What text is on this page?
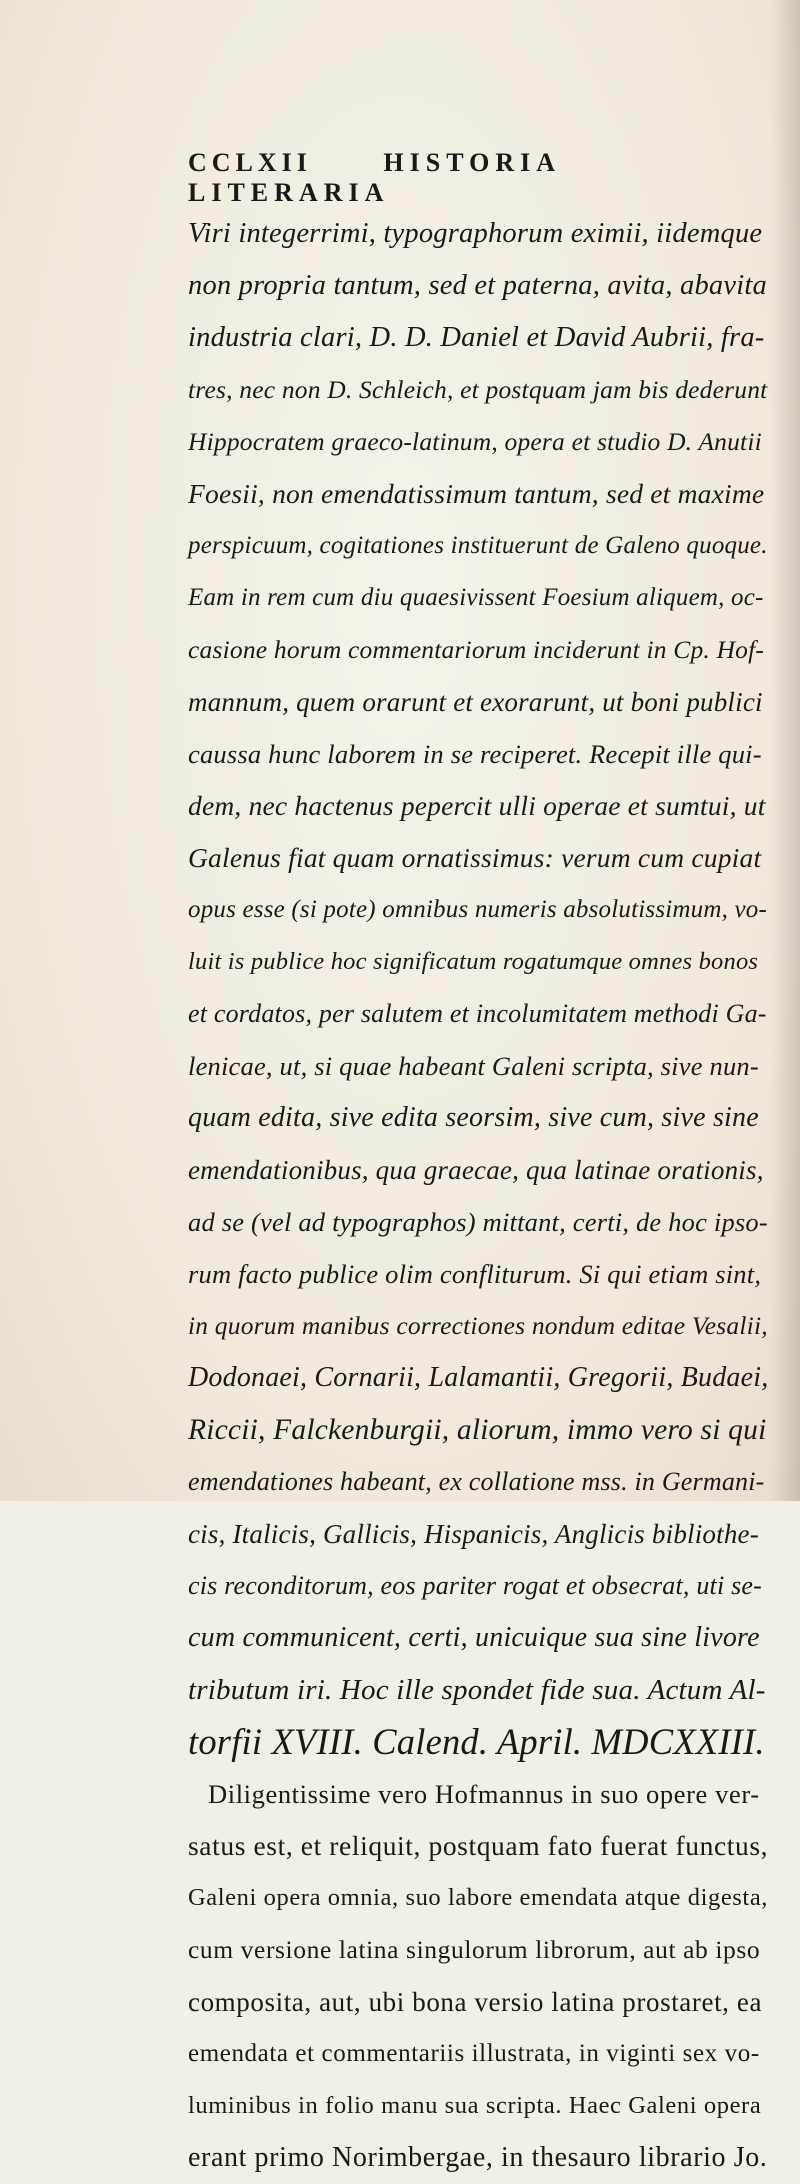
CCLXII	HISTORIA LITERARIA
Viri integerrimi, typographorum eximii, iidemque
non propria tantum, sed et paterna, avita, abavita
industria clari, D. D. Daniel et David Aubrii, fra-
tres, nec non D. Schleich, et postquam jam bis dederunt
Hippocratem graeco-latinum, opera et studio D. Anutii
Foesii, non emendatissimum tantum, sed et maxime
perspicuum, cogitationes instituerunt de Galeno quoque.
Eam in rem cum diu quaesivissent Foesium aliquem, oc-
casione horum commentariorum inciderunt in Cp. Hof-
mannum, quem orarunt et exorarunt, ut boni publici
caussa hunc laborem in se reciperet. Recepit ille qui-
dem, nec hactenus pepercit ulli operae et sumtui, ut
Galenus fiat quam ornatissimus: verum cum cupiat
opus esse (si pote) omnibus numeris absolutissimum, vo-
luit is publice hoc significatum rogatumque omnes bonos
et cordatos, per salutem et incolumitatem methodi Ga-
lenicae, ut, si quae habeant Galeni scripta, sive nun-
quam edita, sive edita seorsim, sive cum, sive sine
emendationibus, qua graecae, qua latinae orationis,
ad se (vel ad typographos) mittant, certi, de hoc ipso-
rum facto publice olim confliturum. Si qui etiam sint,
in quorum manibus correctiones nondum editae Vesalii,
Dodonaei, Cornarii, Lalamantii, Gregorii, Budaei,
Riccii, Falckenburgii, aliorum, immo vero si qui
emendationes habeant, ex collatione mss. in Germani-
cis, Italicis, Gallicis, Hispanicis, Anglicis bibliothe-
cis reconditorum, eos pariter rogat et obsecrat, uti se-
cum communicent, certi, unicuique sua sine livore
tributum iri. Hoc ille spondet fide sua. Actum Al-
torfii XVIII. Calend. April. MDCXXIII.
Diligentissime vero Hofmannus in suo opere ver-
satus est, et reliquit, postquam fato fuerat functus,
Galeni opera omnia, suo labore emendata atque digesta,
cum versione latina singulorum librorum, aut ab ipso
composita, aut, ubi bona versio latina prostaret, ea
emendata et commentariis illustrata, in viginti sex vo-
luminibus in folio manu sua scripta. Haec Galeni opera
erant primo Norimbergae, in thesauro librario Jo.
